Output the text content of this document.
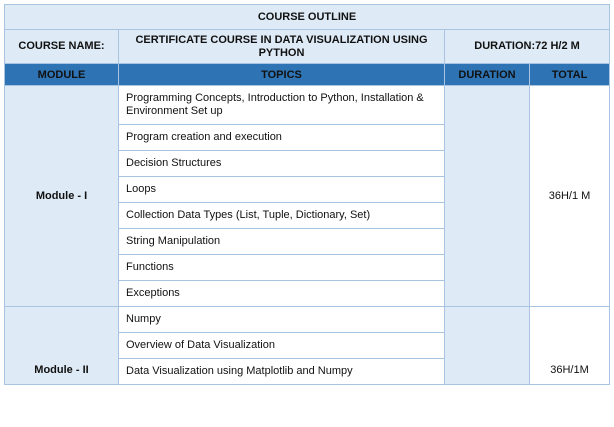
COURSE OUTLINE			
COURSE NAME:	CERTIFICATE COURSE IN DATA VISUALIZATION USING PYTHON	DURATION:72 H/2 M	
MODULE	TOPICS	DURATION	TOTAL
Module - I	Programming Concepts, Introduction to Python, Installation & Environment Set up		36H/1 M
	Program creation and execution		
	Decision Structures		
	Loops		
	Collection Data Types (List, Tuple, Dictionary, Set)		
	String Manipulation		
	Functions		
	Exceptions		
Module - II	Numpy		36H/1M
	Overview of Data Visualization		
	Data Visualization using Matplotlib and Numpy		
